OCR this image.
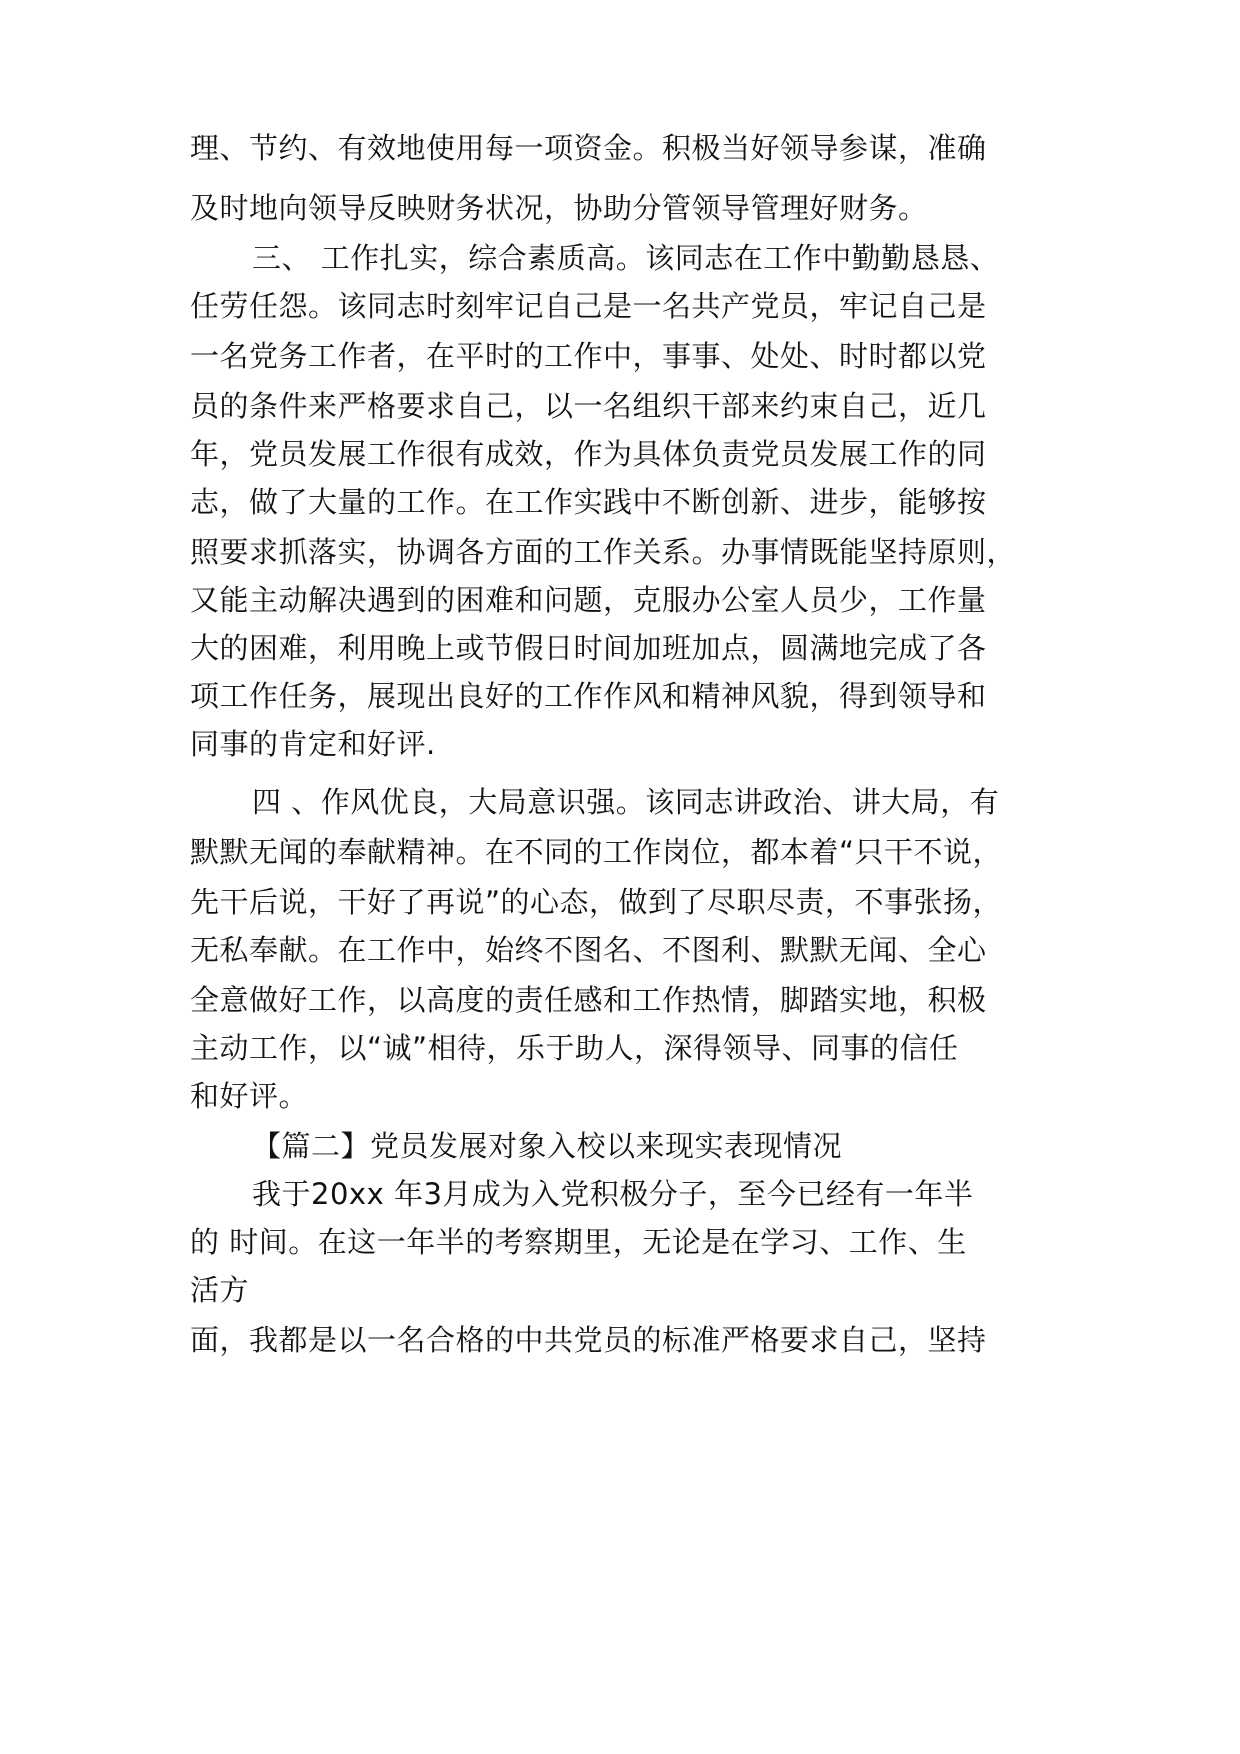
理、节约、有效地使用每一项资金。积极当好领导参谋，准确
及时地向领导反映财务状况，协助分管领导管理好财务。
三、 工作扎实，综合素质高。该同志在工作中勤勤恳恳、
任劳任怨。该同志时刻牢记自己是一名共产党员，牢记自己是
一名党务工作者，在平时的工作中，事事、处处、时时都以党
员的条件来严格要求自己，以一名组织干部来约束自己，近几
年，党员发展工作很有成效，作为具体负责党员发展工作的同
志，做了大量的工作。在工作实践中不断创新、进步，能够按
照要求抓落实，协调各方面的工作关系。办事情既能坚持原则，
又能主动解决遇到的困难和问题，克服办公室人员少，工作量
大的困难，利用晚上或节假日时间加班加点，圆满地完成了各
项工作任务，展现出良好的工作作风和精神风貌，得到领导和
同事的肯定和好评.
四 、作风优良，大局意识强。该同志讲政治、讲大局，有
默默无闻的奉献精神。在不同的工作岗位，都本着“只干不说，
先干后说，干好了再说”的心态，做到了尽职尽责，不事张扬，
无私奉献。在工作中，始终不图名、不图利、默默无闻、全心
全意做好工作，以高度的责任感和工作热情，脚踏实地，积极
主动工作，以“诚”相待，乐于助人，深得领导、同事的信任
和好评。
【篇二】党员发展对象入校以来现实表现情况
我于20xx 年3月成为入党积极分子，至今已经有一年半
的 时间。在这一年半的考察期里，无论是在学习、工作、生
活方
面，我都是以一名合格的中共党员的标准严格要求自己，坚持
